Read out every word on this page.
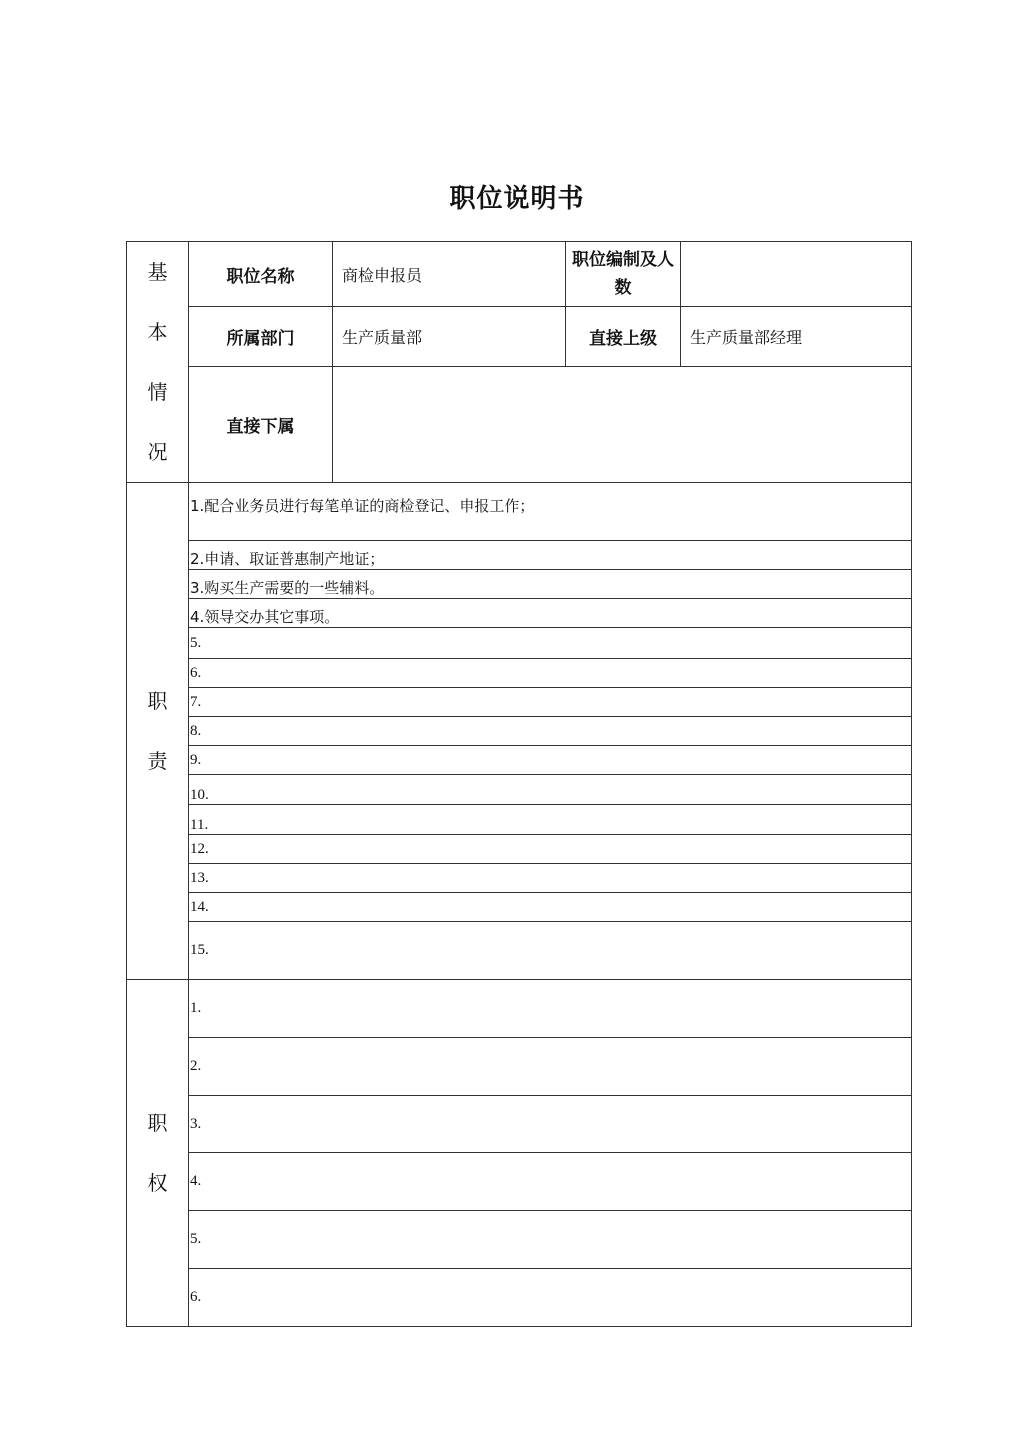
职位说明书
基
本
情
况	职位名称	商检申报员	职位编制及人数	
	所属部门	生产质量部	直接上级	生产质量部经理
	直接下属			

职
责	1.配合业务员进行每笔单证的商检登记、申报工作；			
	2.申请、取证普惠制产地证；			
	3.购买生产需要的一些辅料。			
	4.领导交办其它事项。			
	5.			
	6.			
	7.			
	8.			
	9.			
	10.			
	11.			
	12.			
	13.			
	14.			
	15.			

职
权	1.			
	2.			
	3.			
	4.			
	5.			
	6.			
